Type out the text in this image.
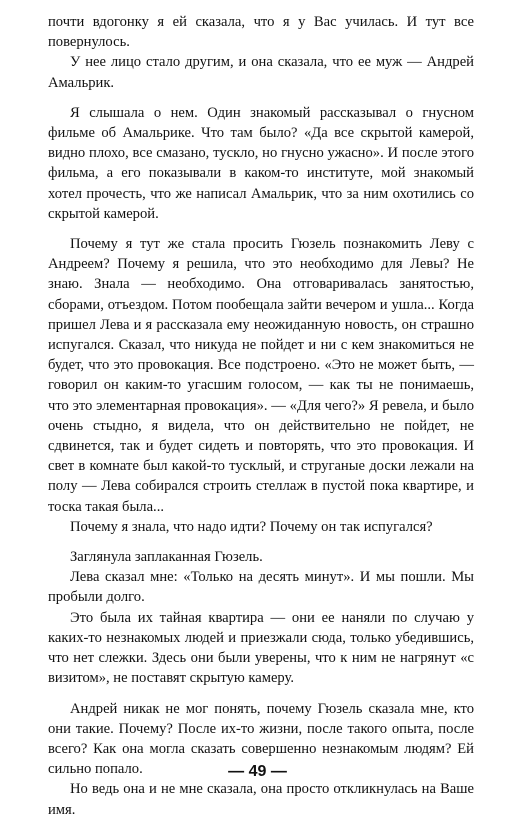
почти вдогонку я ей сказала, что я у Вас училась. И тут все повернулось.

У нее лицо стало другим, и она сказала, что ее муж — Андрей Амальрик.

Я слышала о нем. Один знакомый рассказывал о гнусном фильме об Амальрике. Что там было? «Да все скрытой камерой, видно плохо, все смазано, тускло, но гнусно ужасно». И после этого фильма, а его показывали в каком-то институте, мой знакомый хотел прочесть, что же написал Амальрик, что за ним охотились со скрытой камерой.

Почему я тут же стала просить Гюзель познакомить Леву с Андреем? Почему я решила, что это необходимо для Левы? Не знаю. Знала — необходимо. Она отговаривалась занятостью, сборами, отъездом. Потом пообещала зайти вечером и ушла... Когда пришел Лева и я рассказала ему неожиданную новость, он страшно испугался. Сказал, что никуда не пойдет и ни с кем знакомиться не будет, что это провокация. Все подстроено. «Это не может быть, — говорил он каким-то угасшим голосом, — как ты не понимаешь, что это элементарная провокация». — «Для чего?» Я ревела, и было очень стыдно, я видела, что он действительно не пойдет, не сдвинется, так и будет сидеть и повторять, что это провокация. И свет в комнате был какой-то тусклый, и струганые доски лежали на полу — Лева собирался строить стеллаж в пустой пока квартире, и тоска такая была...

Почему я знала, что надо идти? Почему он так испугался?

Заглянула заплаканная Гюзель.

Лева сказал мне: «Только на десять минут». И мы пошли. Мы пробыли долго.

Это была их тайная квартира — они ее наняли по случаю у каких-то незнакомых людей и приезжали сюда, только убедившись, что нет слежки. Здесь они были уверены, что к ним не нагрянут «с визитом», не поставят скрытую камеру.

Андрей никак не мог понять, почему Гюзель сказала мне, кто они такие. Почему? После их-то жизни, после такого опыта, после всего? Как она могла сказать совершенно незнакомым людям? Ей сильно попало.

Но ведь она и не мне сказала, она просто откликнулась на Ваше имя.

— 49 —
